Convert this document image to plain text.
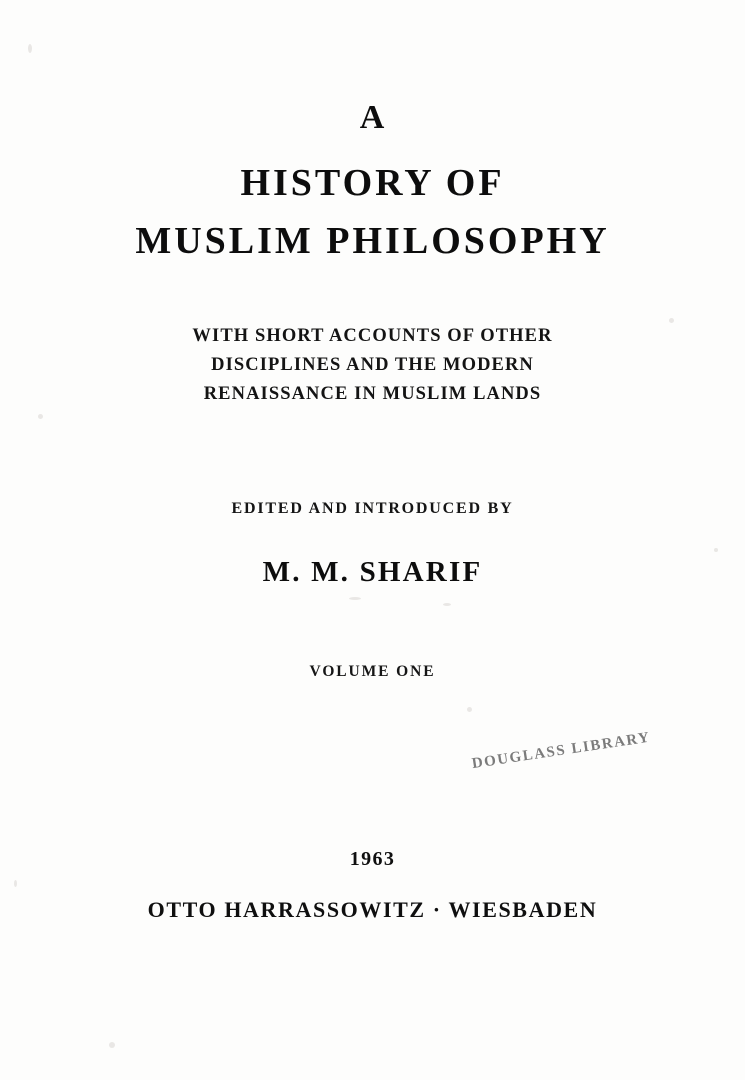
A
HISTORY OF
MUSLIM PHILOSOPHY
WITH SHORT ACCOUNTS OF OTHER
DISCIPLINES AND THE MODERN
RENAISSANCE IN MUSLIM LANDS
EDITED AND INTRODUCED BY
M. M. SHARIF
VOLUME ONE
DOUGLASS LIBRARY
1963
OTTO HARRASSOWITZ · WIESBADEN
